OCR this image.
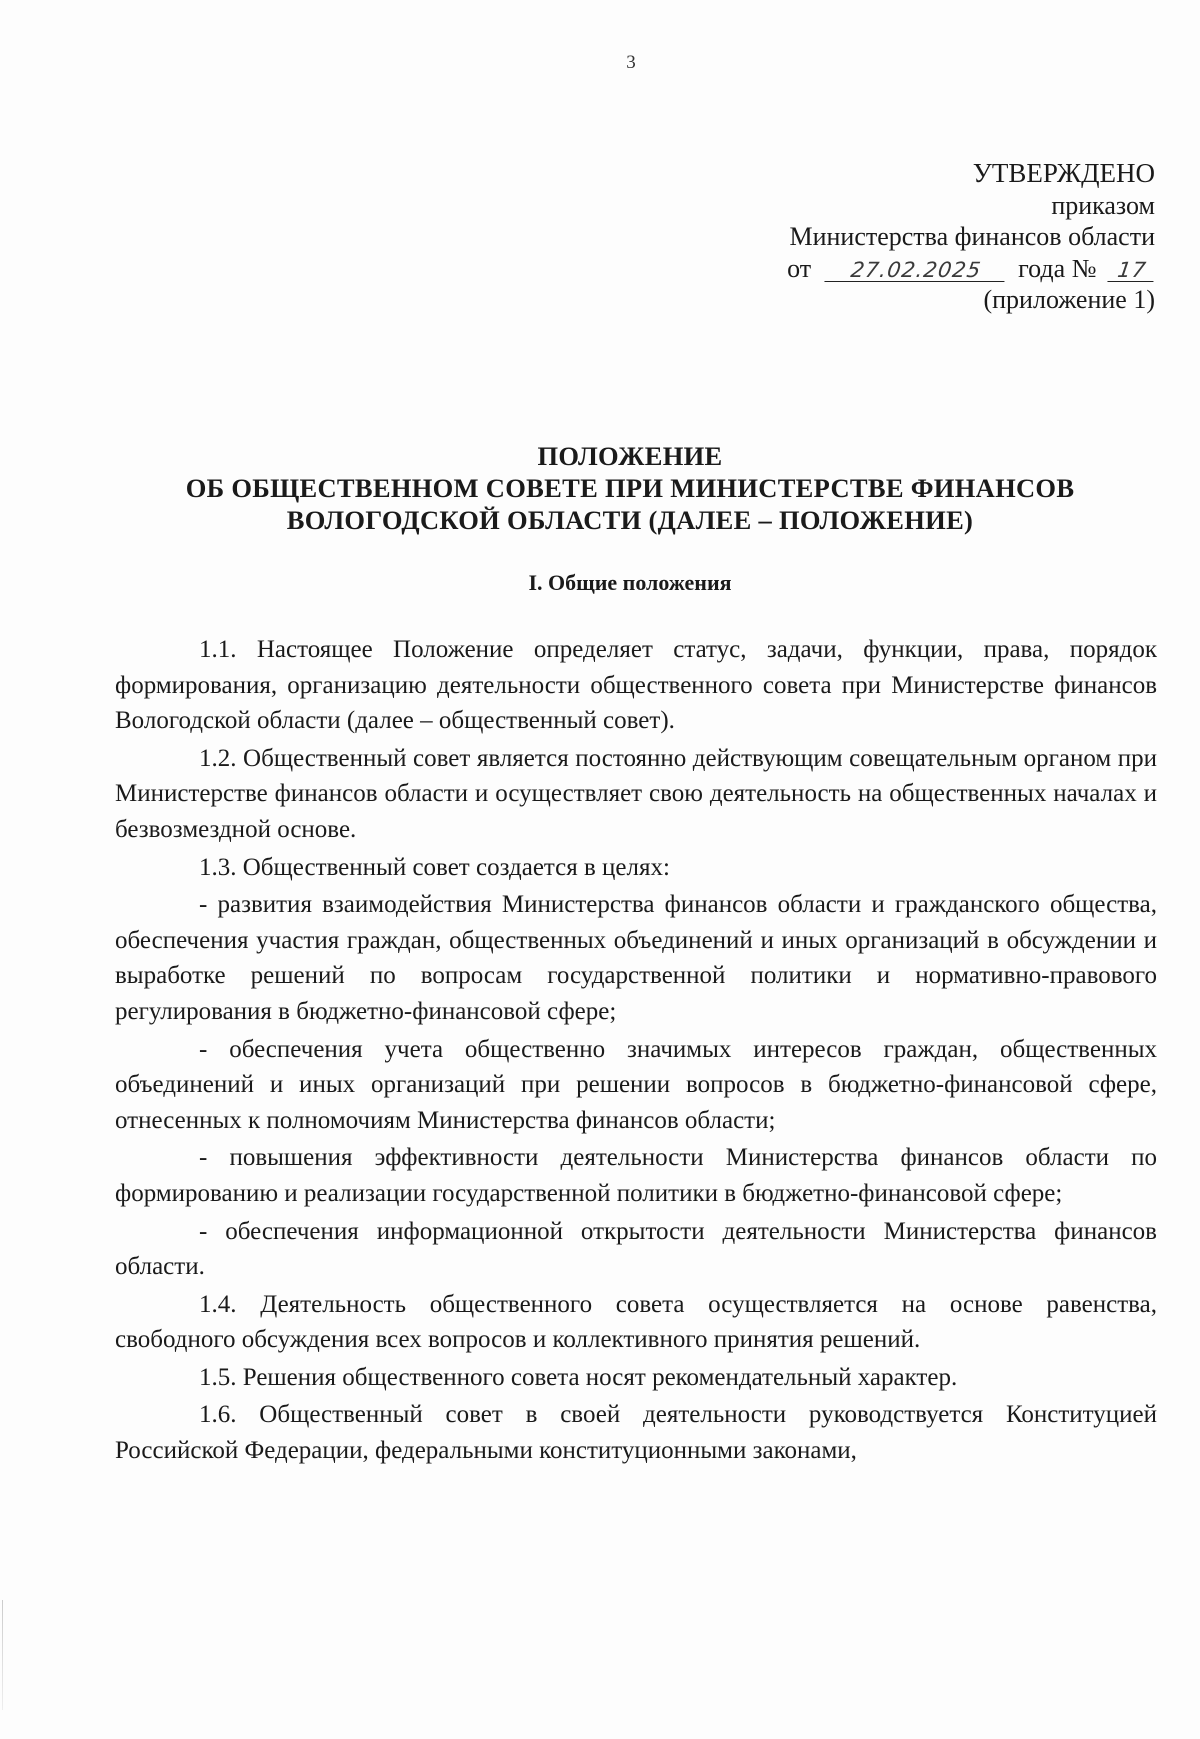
3
УТВЕРЖДЕНО
приказом
Министерства финансов области
от 27.02.2025 года № 17
(приложение 1)
ПОЛОЖЕНИЕ
ОБ ОБЩЕСТВЕННОМ СОВЕТЕ ПРИ МИНИСТЕРСТВЕ ФИНАНСОВ
ВОЛОГОДСКОЙ ОБЛАСТИ (ДАЛЕЕ – ПОЛОЖЕНИЕ)
I. Общие положения

1.1. Настоящее Положение определяет статус, задачи, функции, права, порядок формирования, организацию деятельности общественного совета при Министерстве финансов Вологодской области (далее – общественный совет).

1.2. Общественный совет является постоянно действующим совещательным органом при Министерстве финансов области и осуществляет свою деятельность на общественных началах и безвозмездной основе.

1.3. Общественный совет создается в целях:

- развития взаимодействия Министерства финансов области и гражданского общества, обеспечения участия граждан, общественных объединений и иных организаций в обсуждении и выработке решений по вопросам государственной политики и нормативно-правового регулирования в бюджетно-финансовой сфере;

- обеспечения учета общественно значимых интересов граждан, общественных объединений и иных организаций при решении вопросов в бюджетно-финансовой сфере, отнесенных к полномочиям Министерства финансов области;

- повышения эффективности деятельности Министерства финансов области по формированию и реализации государственной политики в бюджетно-финансовой сфере;

- обеспечения информационной открытости деятельности Министерства финансов области.

1.4. Деятельность общественного совета осуществляется на основе равенства, свободного обсуждения всех вопросов и коллективного принятия решений.

1.5. Решения общественного совета носят рекомендательный характер.

1.6. Общественный совет в своей деятельности руководствуется Конституцией Российской Федерации, федеральными конституционными законами,
